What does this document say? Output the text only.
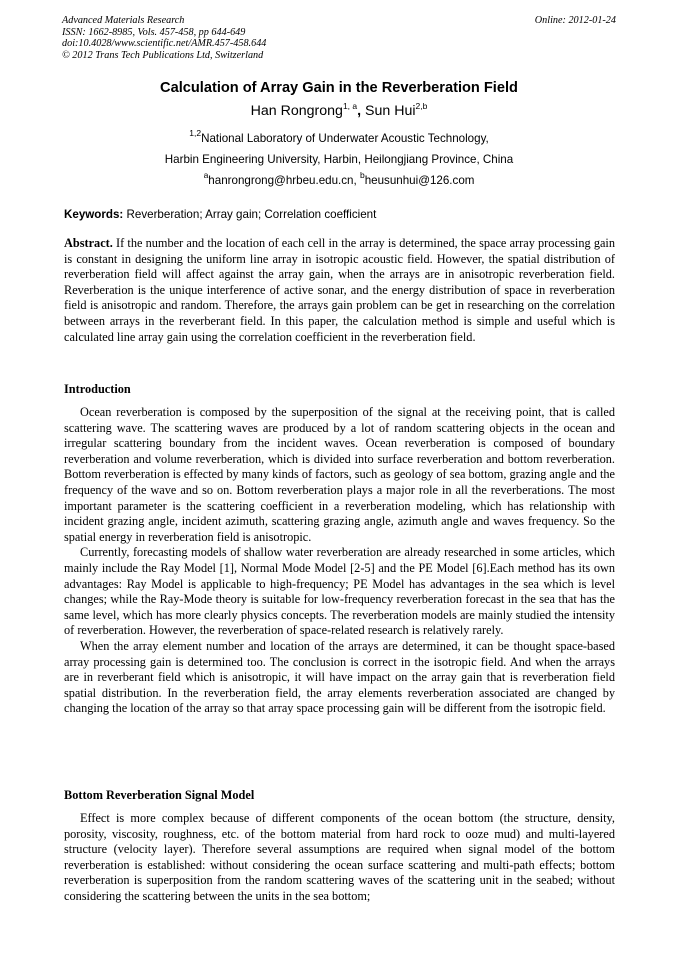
Advanced Materials Research
ISSN: 1662-8985, Vols. 457-458, pp 644-649
doi:10.4028/www.scientific.net/AMR.457-458.644
© 2012 Trans Tech Publications Ltd, Switzerland
Online: 2012-01-24
Calculation of Array Gain in the Reverberation Field
Han Rongrong$^{1, a}$, Sun Hui$^{2,b}$
$^{1,2}$National Laboratory of Underwater Acoustic Technology,
Harbin Engineering University, Harbin, Heilongjiang Province, China
$^a$hanrongrong@hrbeu.edu.cn, $^b$heusunhui@126.com
Keywords: Reverberation; Array gain; Correlation coefficient
Abstract. If the number and the location of each cell in the array is determined, the space array processing gain is constant in designing the uniform line array in isotropic acoustic field. However, the spatial distribution of reverberation field will affect against the array gain, when the arrays are in anisotropic reverberation field. Reverberation is the unique interference of active sonar, and the energy distribution of space in reverberation field is anisotropic and random. Therefore, the arrays gain problem can be get in researching on the correlation between arrays in the reverberant field. In this paper, the calculation method is simple and useful which is calculated line array gain using the correlation coefficient in the reverberation field.
Introduction

Ocean reverberation is composed by the superposition of the signal at the receiving point, that is called scattering wave. The scattering waves are produced by a lot of random scattering objects in the ocean and irregular scattering boundary from the incident waves. Ocean reverberation is composed of boundary reverberation and volume reverberation, which is divided into surface reverberation and bottom reverberation. Bottom reverberation is effected by many kinds of factors, such as geology of sea bottom, grazing angle and the frequency of the wave and so on. Bottom reverberation plays a major role in all the reverberations. The most important parameter is the scattering coefficient in a reverberation modeling, which has relationship with incident grazing angle, incident azimuth, scattering grazing angle, azimuth angle and waves frequency. So the spatial energy in reverberation field is anisotropic.

Currently, forecasting models of shallow water reverberation are already researched in some articles, which mainly include the Ray Model [1], Normal Mode Model [2-5] and the PE Model [6].Each method has its own advantages: Ray Model is applicable to high-frequency; PE Model has advantages in the sea which is level changes; while the Ray-Mode theory is suitable for low-frequency reverberation forecast in the sea that has the same level, which has more clearly physics concepts. The reverberation models are mainly studied the intensity of reverberation. However, the reverberation of space-related research is relatively rarely.

When the array element number and location of the arrays are determined, it can be thought space-based array processing gain is determined too. The conclusion is correct in the isotropic field. And when the arrays are in reverberant field which is anisotropic, it will have impact on the array gain that is reverberation field spatial distribution. In the reverberation field, the array elements reverberation associated are changed by changing the location of the array so that array space processing gain will be different from the isotropic field.

Bottom Reverberation Signal Model

Effect is more complex because of different components of the ocean bottom (the structure, density, porosity, viscosity, roughness, etc. of the bottom material from hard rock to ooze mud) and multi-layered structure (velocity layer). Therefore several assumptions are required when signal model of the bottom reverberation is established: without considering the ocean surface scattering and multi-path effects; bottom reverberation is superposition from the random scattering waves of the scattering unit in the seabed; without considering the scattering between the units in the sea bottom;
